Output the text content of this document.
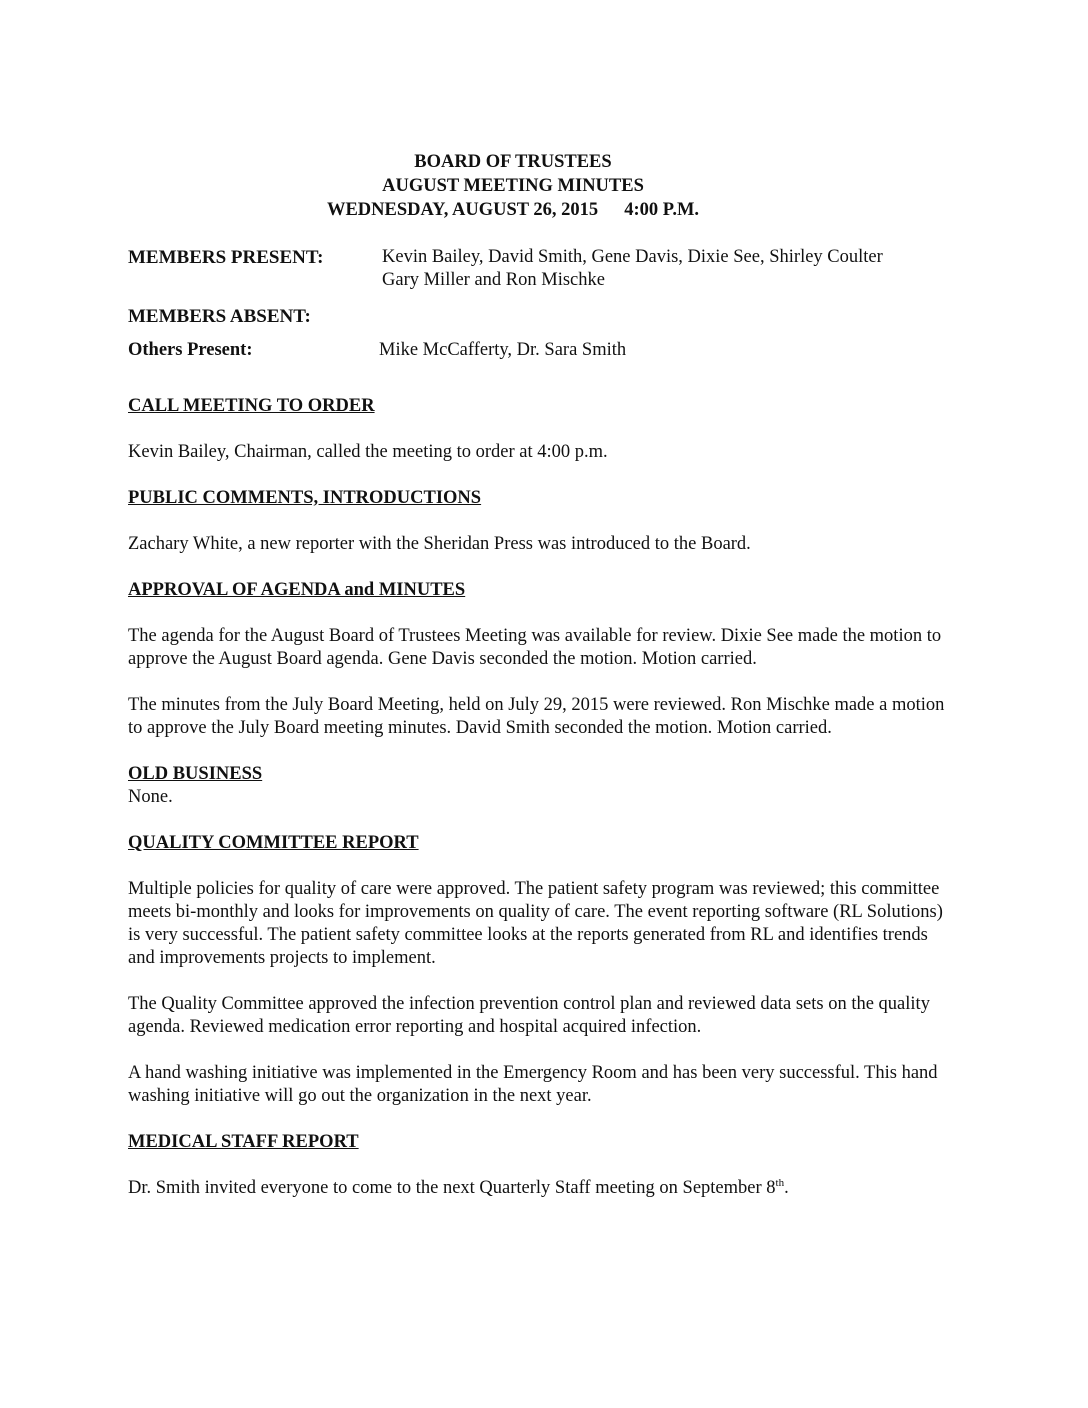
BOARD OF TRUSTEES
AUGUST MEETING MINUTES
WEDNESDAY, AUGUST 26, 2015 4:00 P.M.
MEMBERS PRESENT:	Kevin Bailey, David Smith, Gene Davis, Dixie See, Shirley Coulter
Gary Miller and Ron Mischke
MEMBERS ABSENT:
Others Present:	Mike McCafferty, Dr. Sara Smith
CALL MEETING TO ORDER
Kevin Bailey, Chairman, called the meeting to order at 4:00 p.m.
PUBLIC COMMENTS, INTRODUCTIONS
Zachary White, a new reporter with the Sheridan Press was introduced to the Board.
APPROVAL OF AGENDA and MINUTES
The agenda for the August Board of Trustees Meeting was available for review. Dixie See made the motion to approve the August Board agenda. Gene Davis seconded the motion. Motion carried.
The minutes from the July Board Meeting, held on July 29, 2015 were reviewed. Ron Mischke made a motion to approve the July Board meeting minutes. David Smith seconded the motion. Motion carried.
OLD BUSINESS
None.
QUALITY COMMITTEE REPORT
Multiple policies for quality of care were approved. The patient safety program was reviewed; this committee meets bi-monthly and looks for improvements on quality of care. The event reporting software (RL Solutions) is very successful. The patient safety committee looks at the reports generated from RL and identifies trends and improvements projects to implement.
The Quality Committee approved the infection prevention control plan and reviewed data sets on the quality agenda. Reviewed medication error reporting and hospital acquired infection.
A hand washing initiative was implemented in the Emergency Room and has been very successful. This hand washing initiative will go out the organization in the next year.
MEDICAL STAFF REPORT
Dr. Smith invited everyone to come to the next Quarterly Staff meeting on September 8th.
